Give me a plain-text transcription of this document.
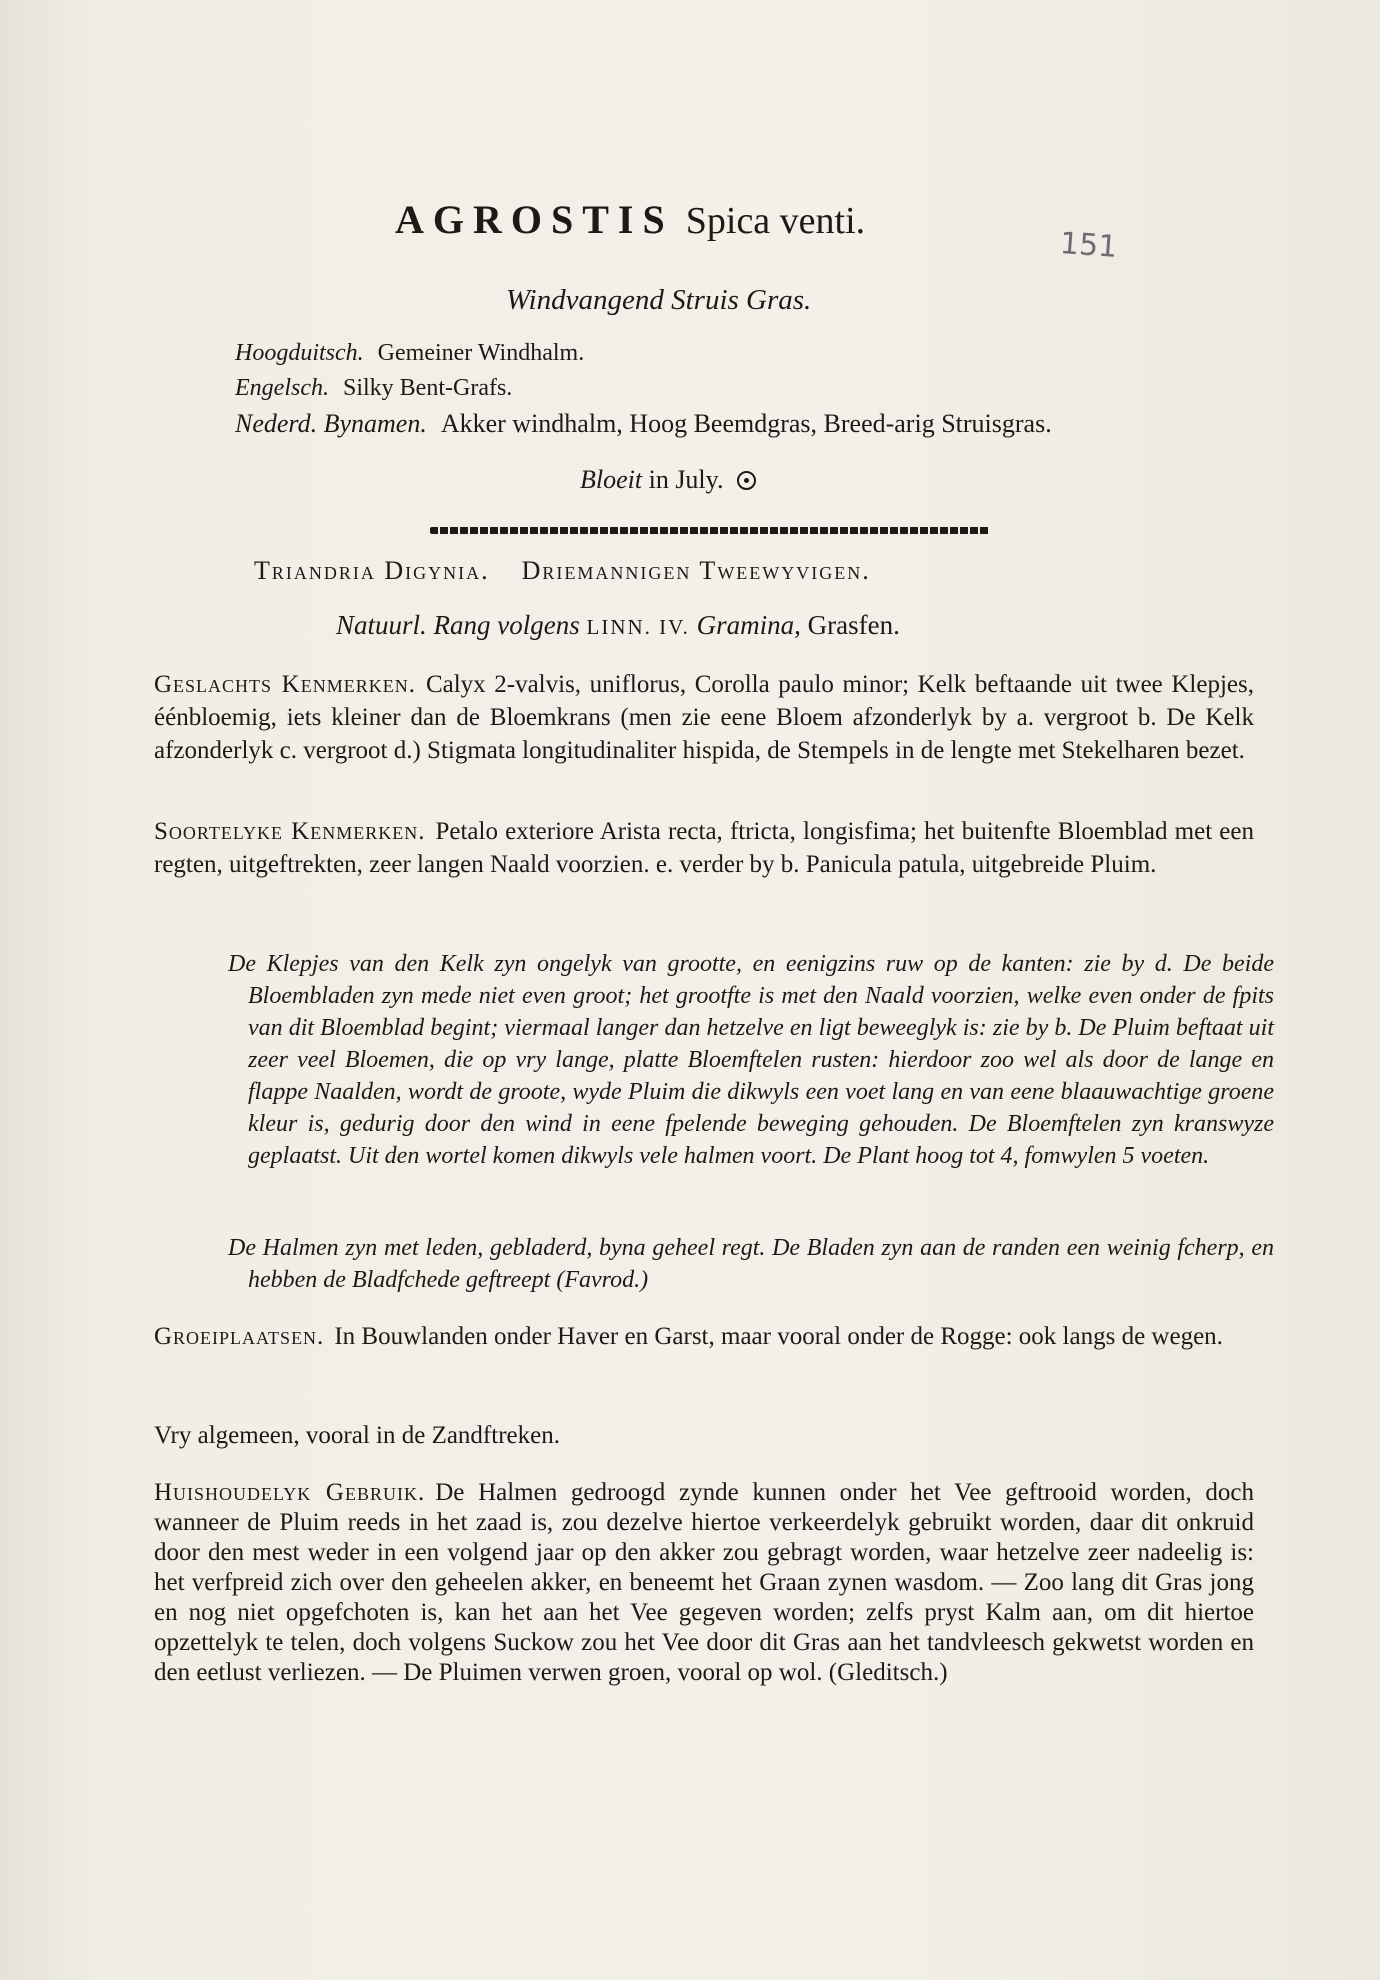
AGROSTIS Spica venti.
151
Windvangend Struis Gras.
Hoogduitsch. Gemeiner Windhalm.
Engelsch. Silky Bent-Grafs.
Nederd. Bynamen. Akker windhalm, Hoog Beemdgras, Breed-arig Struisgras.
Bloeit in July.
Triandria Digynia. Driemannigen Tweewyvigen.
Natuurl. Rang volgens LINN. IV. Gramina, Grasfen.
Geslachts Kenmerken. Calyx 2-valvis, uniflorus, Corolla paulo minor; Kelk beftaande uit twee Klepjes, éénbloemig, iets kleiner dan de Bloemkrans (men zie eene Bloem afzonderlyk by a. vergroot b. De Kelk afzonderlyk c. vergroot d.) Stigmata longitudinaliter hispida, de Stempels in de lengte met Stekelharen bezet.
Soortelyke Kenmerken. Petalo exteriore Arista recta, ftricta, longisfima; het buitenfte Bloemblad met een regten, uitgeftrekten, zeer langen Naald voorzien. e. verder by b. Panicula patula, uitgebreide Pluim.
De Klepjes van den Kelk zyn ongelyk van grootte, en eenigzins ruw op de kanten: zie by d. De beide Bloembladen zyn mede niet even groot; het grootfte is met den Naald voorzien, welke even onder de fpits van dit Bloemblad begint; viermaal langer dan hetzelve en ligt beweeglyk is: zie by b. De Pluim beftaat uit zeer veel Bloemen, die op vry lange, platte Bloemftelen rusten: hierdoor zoo wel als door de lange en flappe Naalden, wordt de groote, wyde Pluim die dikwyls een voet lang en van eene blaauwachtige groene kleur is, gedurig door den wind in eene fpelende beweging gehouden. De Bloemftelen zyn kranswyze geplaatst. Uit den wortel komen dikwyls vele halmen voort. De Plant hoog tot 4, fomwylen 5 voeten.
De Halmen zyn met leden, gebladerd, byna geheel regt. De Bladen zyn aan de randen een weinig fcherp, en hebben de Bladfchede geftreept (Favrod.)
Groeiplaatsen. In Bouwlanden onder Haver en Garst, maar vooral onder de Rogge: ook langs de wegen.
Vry algemeen, vooral in de Zandftreken.
Huishoudelyk Gebruik. De Halmen gedroogd zynde kunnen onder het Vee geftrooid worden, doch wanneer de Pluim reeds in het zaad is, zou dezelve hiertoe verkeerdelyk gebruikt worden, daar dit onkruid door den mest weder in een volgend jaar op den akker zou gebragt worden, waar hetzelve zeer nadeelig is: het verfpreid zich over den geheelen akker, en beneemt het Graan zynen wasdom. — Zoo lang dit Gras jong en nog niet opgefchoten is, kan het aan het Vee gegeven worden; zelfs pryst Kalm aan, om dit hiertoe opzettelyk te telen, doch volgens Suckow zou het Vee door dit Gras aan het tandvleesch gekwetst worden en den eetlust verliezen. — De Pluimen verwen groen, vooral op wol. (Gleditsch.)
